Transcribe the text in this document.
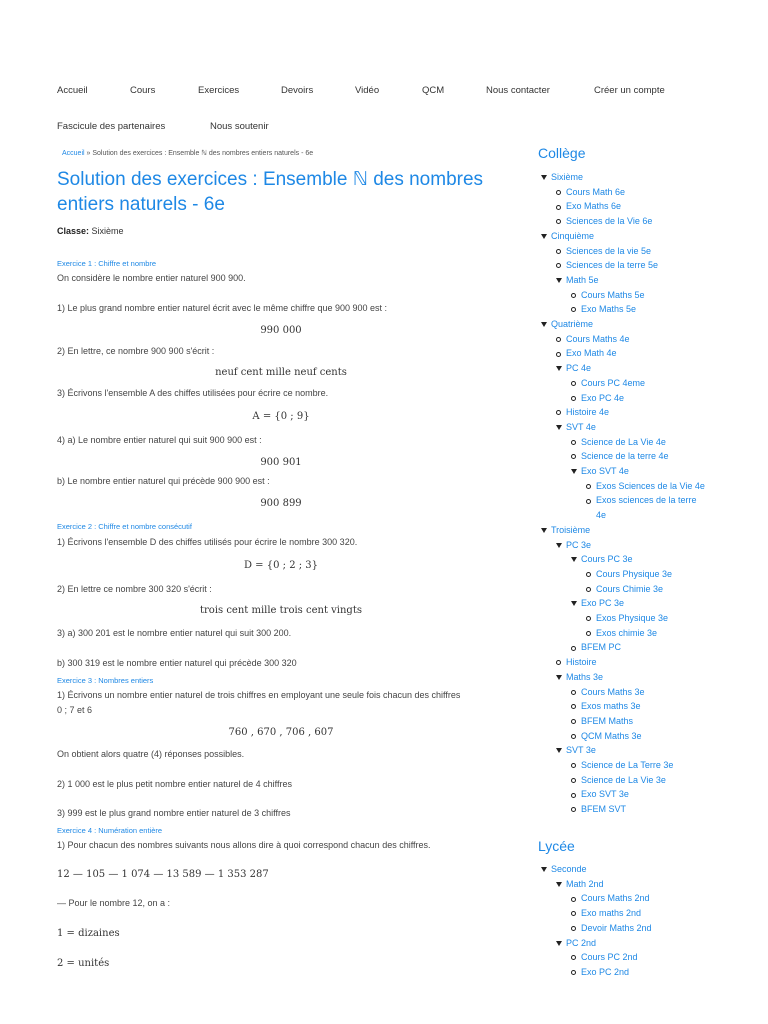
Accueil	Cours	Exercices	Devoirs	Vidéo	QCM	Nous contacter	Créer un compte
Fascicule des partenaires	Nous soutenir
Accueil » Solution des exercices : Ensemble ℕ des nombres entiers naturels - 6e
Solution des exercices : Ensemble ℕ des nombres entiers naturels - 6e
Classe: Sixième
Exercice 1 : Chiffre et nombre
On considère le nombre entier naturel 900 900.
1) Le plus grand nombre entier naturel écrit avec le même chiffre que 900 900 est :
990 000
2) En lettre, ce nombre 900 900 s'écrit :
neuf cent mille neuf cents
3) Écrivons l'ensemble A des chiffes utilisées pour écrire ce nombre.
A = {0 ; 9}
4) a) Le nombre entier naturel qui suit 900 900 est :
900 901
b) Le nombre entier naturel qui précède 900 900 est :
900 899
Exercice 2 : Chiffre et nombre consécutif
1) Écrivons l'ensemble D des chiffes utilisés pour écrire le nombre 300 320.
D = {0 ; 2 ; 3}
2) En lettre ce nombre 300 320 s'écrit :
trois cent mille trois cent vingts
3) a) 300 201 est le nombre entier naturel qui suit 300 200.
b) 300 319 est le nombre entier naturel qui précède 300 320
Exercice 3 : Nombres entiers
1) Écrivons un nombre entier naturel de trois chiffres en employant une seule fois chacun des chiffres
0 ; 7 et 6
760 , 670 , 706 , 607
On obtient alors quatre (4) réponses possibles.
2) 1 000 est le plus petit nombre entier naturel de 4 chiffres
3) 999 est le plus grand nombre entier naturel de 3 chiffres
Exercice 4 : Numération entière
1) Pour chacun des nombres suivants nous allons dire à quoi correspond chacun des chiffres.
12 — 105 — 1 074 — 13 589 — 1 353 287
— Pour le nombre 12, on a :
1 = dizaines
2 = unités
Collège
Sixième
Cours Math 6e
Exo Maths 6e
Sciences de la Vie 6e
Cinquième
Sciences de la vie 5e
Sciences de la terre 5e
Math 5e
Cours Maths 5e
Exo Maths 5e
Quatrième
Cours Maths 4e
Exo Math 4e
PC 4e
Cours PC 4eme
Exo PC 4e
Histoire 4e
SVT 4e
Science de La Vie 4e
Science de la terre 4e
Exo SVT 4e
Exos Sciences de la Vie 4e
Exos sciences de la terre
4e
Troisième
PC 3e
Cours PC 3e
Cours Physique 3e
Cours Chimie 3e
Exo PC 3e
Exos Physique 3e
Exos chimie 3e
BFEM PC
Histoire
Maths 3e
Cours Maths 3e
Exos maths 3e
BFEM Maths
QCM Maths 3e
SVT 3e
Science de La Terre 3e
Science de La Vie 3e
Exo SVT 3e
BFEM SVT
Lycée
Seconde
Math 2nd
Cours Maths 2nd
Exo maths 2nd
Devoir Maths 2nd
PC 2nd
Cours PC 2nd
Exo PC 2nd
